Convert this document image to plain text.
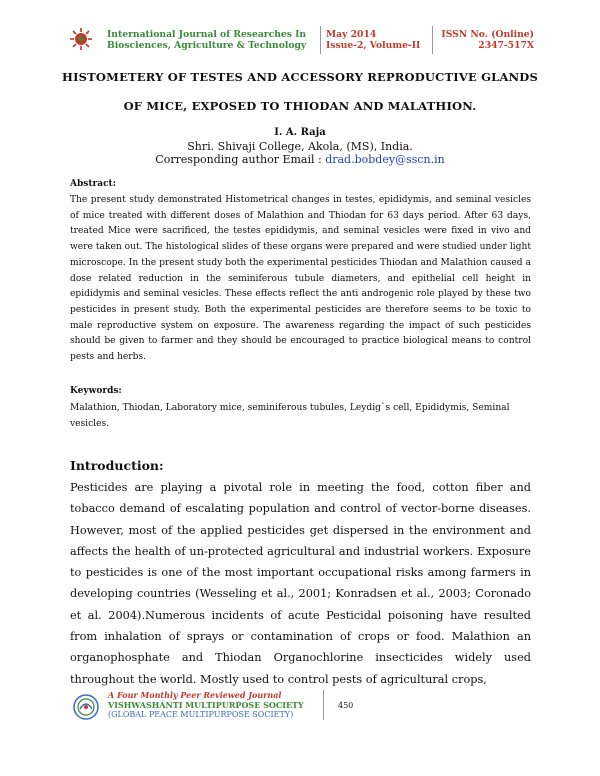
International Journal of Researches In
Biosciences, Agriculture & Technology
May 2014
Issue-2, Volume-II
ISSN No. (Online)
2347-517X
HISTOMETERY OF TESTES AND ACCESSORY REPRODUCTIVE GLANDS
OF MICE, EXPOSED TO THIODAN AND MALATHION.
I. A. Raja
Shri. Shivaji College, Akola, (MS), India.
Corresponding author Email : drad.bobdey@sscn.in
Abstract:
The present study demonstrated Histometrical changes in testes, epididymis, and seminal vesicles of mice treated with different doses of Malathion and Thiodan for 63 days period. After 63 days, treated Mice were sacrificed, the testes epididymis, and seminal vesicles were fixed in vivo and were taken out. The histological slides of these organs were prepared and were studied under light microscope. In the present study both the experimental pesticides Thiodan and Malathion caused a dose related reduction in the seminiferous tubule diameters, and epithelial cell height in epididymis and seminal vesicles. These effects reflect the anti androgenic role played by these two pesticides in present study. Both the experimental pesticides are therefore seems to be toxic to male reproductive system on exposure. The awareness regarding the impact of such pesticides should be given to farmer and they should be encouraged to practice biological means to control pests and herbs.
Keywords:
Malathion, Thiodan, Laboratory mice, seminiferous tubules, Leydig`s cell, Epididymis, Seminal vesicles.
Introduction:
Pesticides are playing a pivotal role in meeting the food, cotton fiber and tobacco demand of escalating population and control of vector-borne diseases. However, most of the applied pesticides get dispersed in the environment and affects the health of un-protected agricultural and industrial workers. Exposure to pesticides is one of the most important occupational risks among farmers in developing countries (Wesseling et al., 2001; Konradsen et al., 2003; Coronado et al. 2004).Numerous incidents of acute Pesticidal poisoning have resulted from inhalation of sprays or contamination of crops or food. Malathion an organophosphate and Thiodan Organochlorine insecticides widely used throughout the world. Mostly used to control pests of agricultural crops,
A Four Monthly Peer Reviewed Journal
VISHWASHANTI MULTIPURPOSE SOCIETY
(GLOBAL PEACE MULTIPURPOSE SOCIETY)
450
